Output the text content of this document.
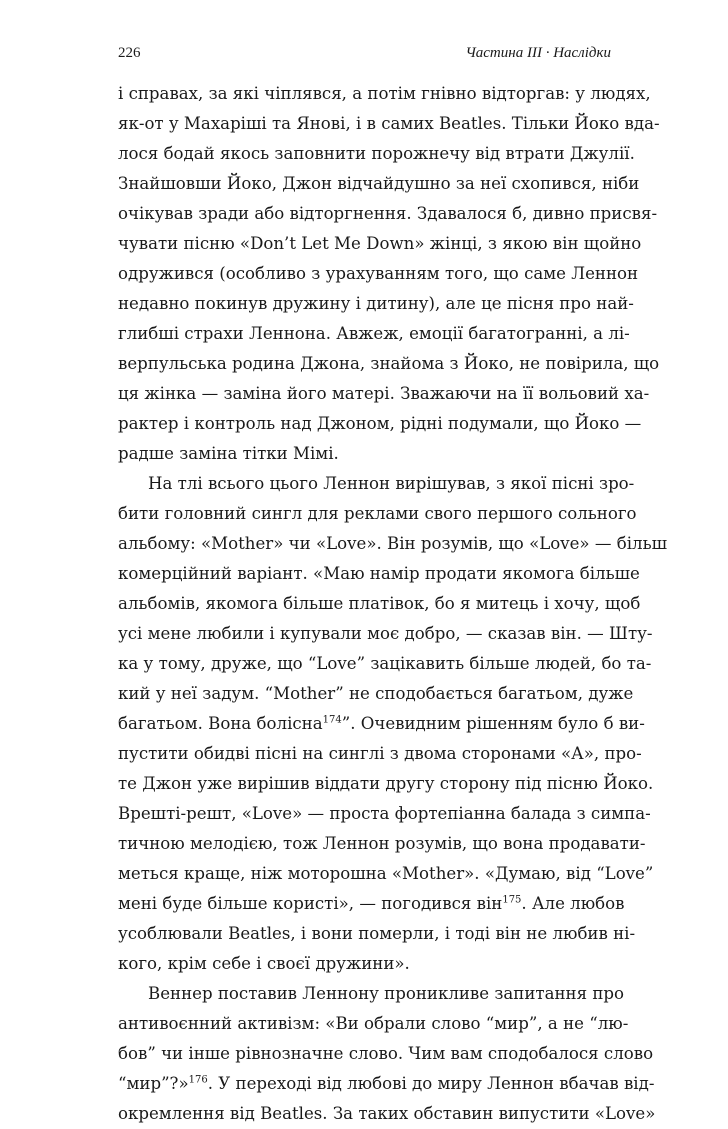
226	Частина III · Наслідки
і справах, за які чіплявся, а потім гнівно відторгав: у людях,
як-от у Махаріші та Янові, і в самих Beatles. Тільки Йоко вда-
лося бодай якось заповнити порожнечу від втрати Джулії.
Знайшовши Йоко, Джон відчайдушно за неї схопився, ніби
очікував зради або відторгнення. Здавалося б, дивно присвя-
чувати пісню «Don’t Let Me Down» жінці, з якою він щойно
одружився (особливо з урахуванням того, що саме Леннон
недавно покинув дружину і дитину), але це пісня про най-
глибші страхи Леннона. Авжеж, емоції багатогранні, а лі-
верпульська родина Джона, знайома з Йоко, не повірила, що
ця жінка — заміна його матері. Зважаючи на її вольовий ха-
рактер і контроль над Джоном, рідні подумали, що Йоко —
радше заміна тітки Мімі.
На тлі всього цього Леннон вирішував, з якої пісні зро-
бити головний сингл для реклами свого першого сольного
альбому: «Mother» чи «Love». Він розумів, що «Love» — більш
комерційний варіант. «Маю намір продати якомога більше
альбомів, якомога більше платівок, бо я митець і хочу, щоб
усі мене любили і купували моє добро, — сказав він. — Шту-
ка у тому, друже, що “Love” зацікавить більше людей, бо та-
кий у неї задум. “Mother” не сподобається багатьом, дуже
багатьом. Вона болісна$^{174}$”. Очевидним рішенням було б ви-
пустити обидві пісні на синглі з двома сторонами «А», про-
те Джон уже вирішив віддати другу сторону під пісню Йоко.
Врешті-решт, «Love» — проста фортепіанна балада з симпа-
тичною мелодією, тож Леннон розумів, що вона продавати-
меться краще, ніж моторошна «Mother». «Думаю, від “Love”
мені буде більше користі», — погодився він$^{175}$. Але любов
усоблювали Beatles, і вони померли, і тоді він не любив ні-
кого, крім себе і своєї дружини».
Веннер поставив Леннону проникливе запитання про
антивоєнний активізм: «Ви обрали слово “мир”, а не “лю-
бов” чи інше рівнозначне слово. Чим вам сподобалося слово
“мир”?»$^{176}$. У переході від любові до миру Леннон вбачав від-
окремлення від Beatles. За таких обставин випустити «Love»
